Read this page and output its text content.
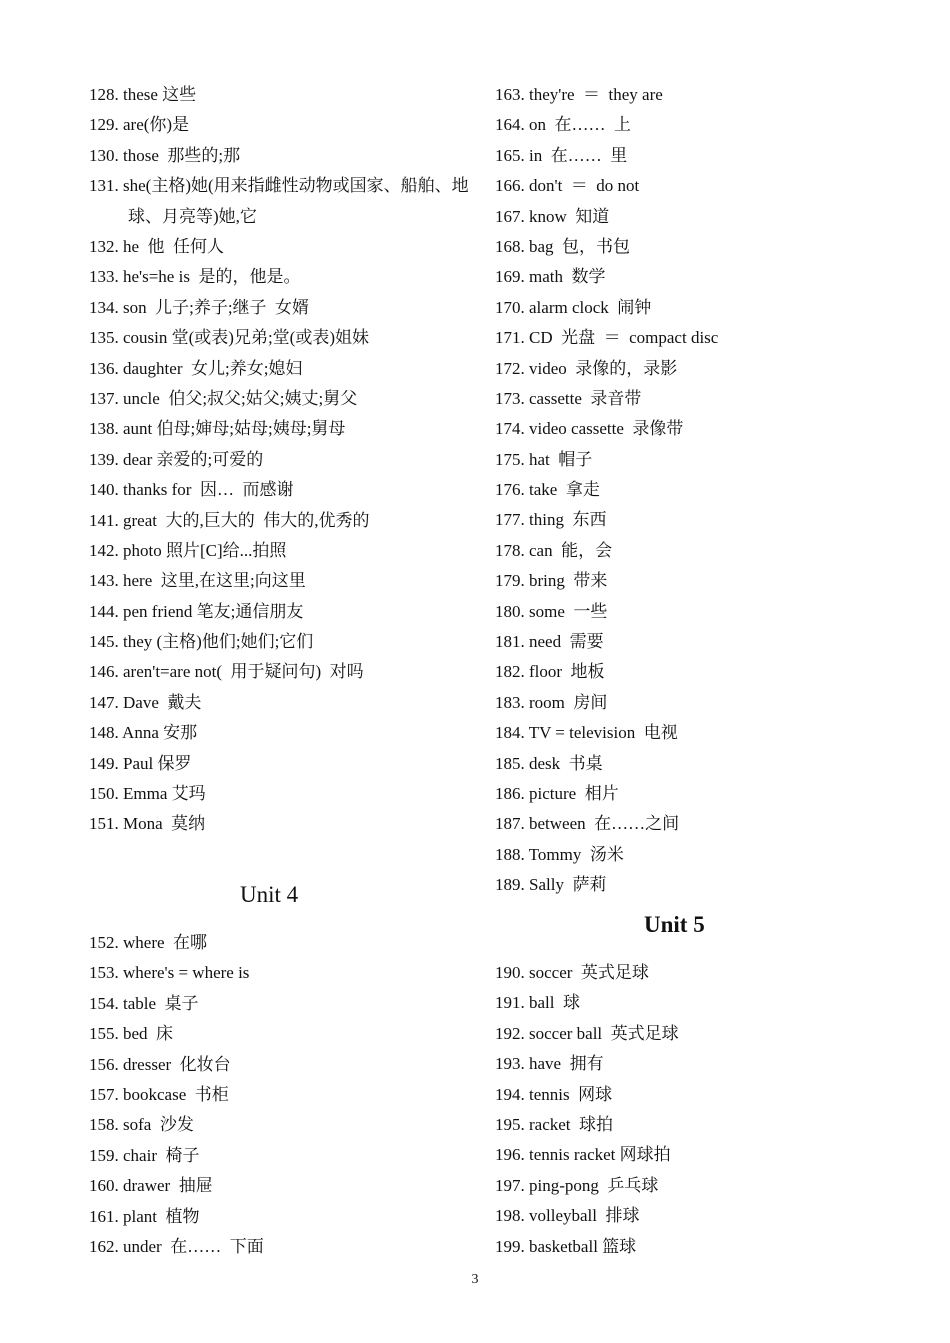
128. these 这些
129. are(你)是
130. those  那些的;那
131. she(主格)她(用来指雌性动物或国家、船舶、地球、月亮等)她,它
132. he  他  任何人
133. he's=he is  是的，他是。
134. son  儿子;养子;继子  女婿
135. cousin 堂(或表)兄弟;堂(或表)姐妹
136. daughter  女儿;养女;媳妇
137. uncle  伯父;叔父;姑父;姨丈;舅父
138. aunt 伯母;婶母;姑母;姨母;舅母
139. dear 亲爱的;可爱的
140. thanks for  因…  而感谢
141. great  大的,巨大的  伟大的,优秀的
142. photo 照片[C]给...拍照
143. here  这里,在这里;向这里
144. pen friend 笔友;通信朋友
145. they (主格)他们;她们;它们
146. aren't=are not(  用于疑问句)  对吗
147. Dave  戴夫
148. Anna 安那
149. Paul 保罗
150. Emma 艾玛
151. Mona  莫纳
Unit 4
152. where  在哪
153. where's = where is
154. table  桌子
155. bed  床
156. dresser  化妆台
157. bookcase  书柜
158. sofa  沙发
159. chair  椅子
160. drawer  抽屉
161. plant  植物
162. under  在……  下面
163. they're  ＝  they are
164. on  在……  上
165. in  在……  里
166. don't  ＝  do not
167. know  知道
168. bag  包，书包
169. math  数学
170. alarm clock  闹钟
171. CD  光盘  ＝  compact disc
172. video  录像的，录影
173. cassette  录音带
174. video cassette  录像带
175. hat  帽子
176. take  拿走
177. thing  东西
178. can  能，会
179. bring  带来
180. some  一些
181. need  需要
182. floor  地板
183. room  房间
184. TV = television  电视
185. desk  书桌
186. picture  相片
187. between  在……之间
188. Tommy  汤米
189. Sally  萨莉
Unit 5
190. soccer  英式足球
191. ball  球
192. soccer ball  英式足球
193. have  拥有
194. tennis  网球
195. racket  球拍
196. tennis racket 网球拍
197. ping-pong  乒乓球
198. volleyball  排球
199. basketball 篮球
3
